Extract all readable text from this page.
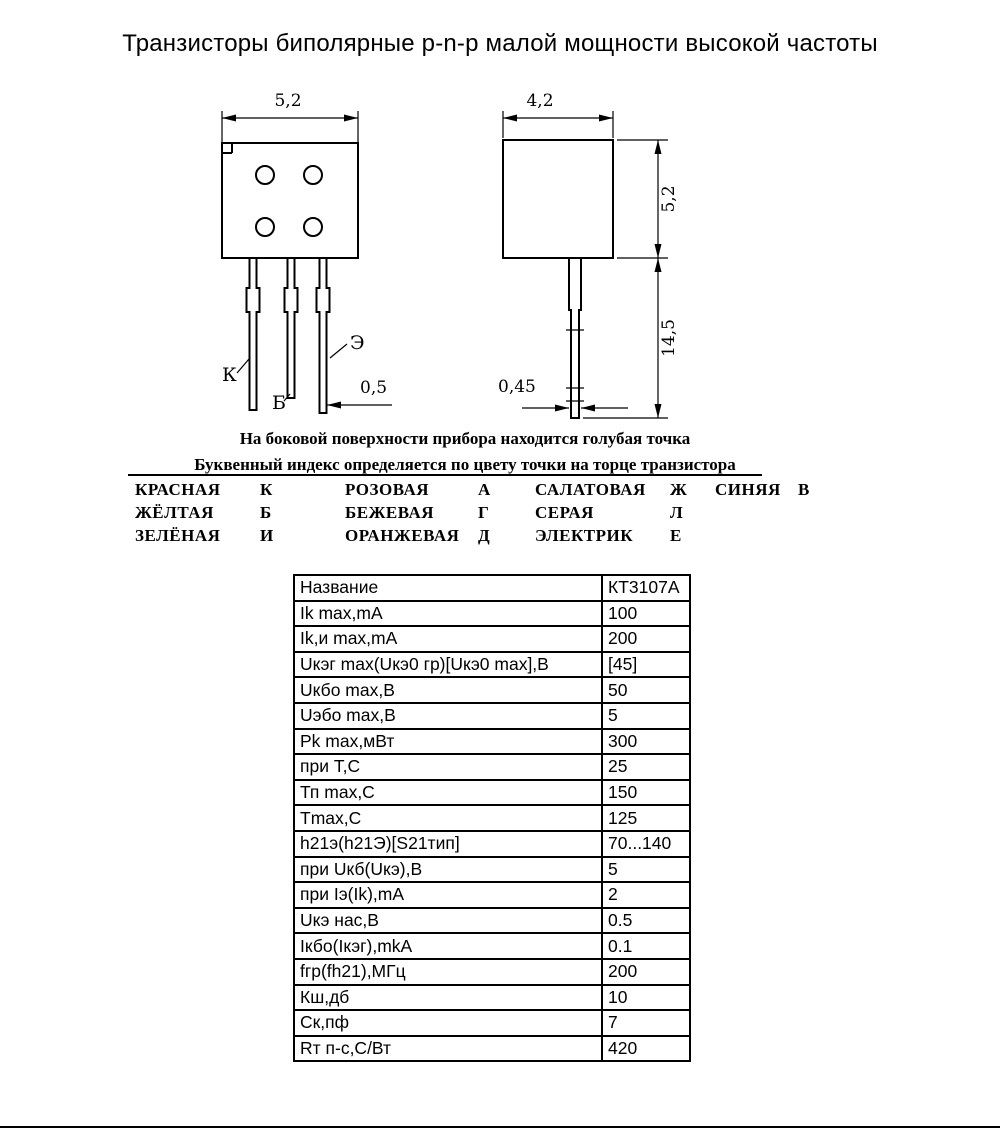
Транзисторы биполярные p-n-p малой мощности высокой частоты
5,2
К
Б
Э
0,5
4,2
5,2
14,5
0,45
На боковой поверхности прибора находится голубая точка
Буквенный индекс определяется по цвету точки на торце транзистора
КРАСНАЯ	К	РОЗОВАЯ	А	САЛАТОВАЯ	Ж	СИНЯЯ	В
ЖЁЛТАЯ	Б	БЕЖЕВАЯ	Г	СЕРАЯ	Л
ЗЕЛЁНАЯ	И	ОРАНЖЕВАЯ	Д	ЭЛЕКТРИК	Е
Название	КТ3107А
Ik max,mA	100
Ik,и max,mA	200
Uкэг max(Uкэ0 гр)[Uкэ0 max],В	[45]
Uкбо max,В	50
Uэбо max,В	5
Pk max,мВт	300
при Т,С	25
Тп max,С	150
Tmax,С	125
h21э(h21Э)[S21тип]	70...140
при Uкб(Uкэ),В	5
при Iэ(Ik),mA	2
Uкэ нас,В	0.5
Iкбо(Iкэг),mkA	0.1
fгр(fh21),МГц	200
Кш,дб	10
Ск,пф	7
Rт п-с,С/Вт	420
